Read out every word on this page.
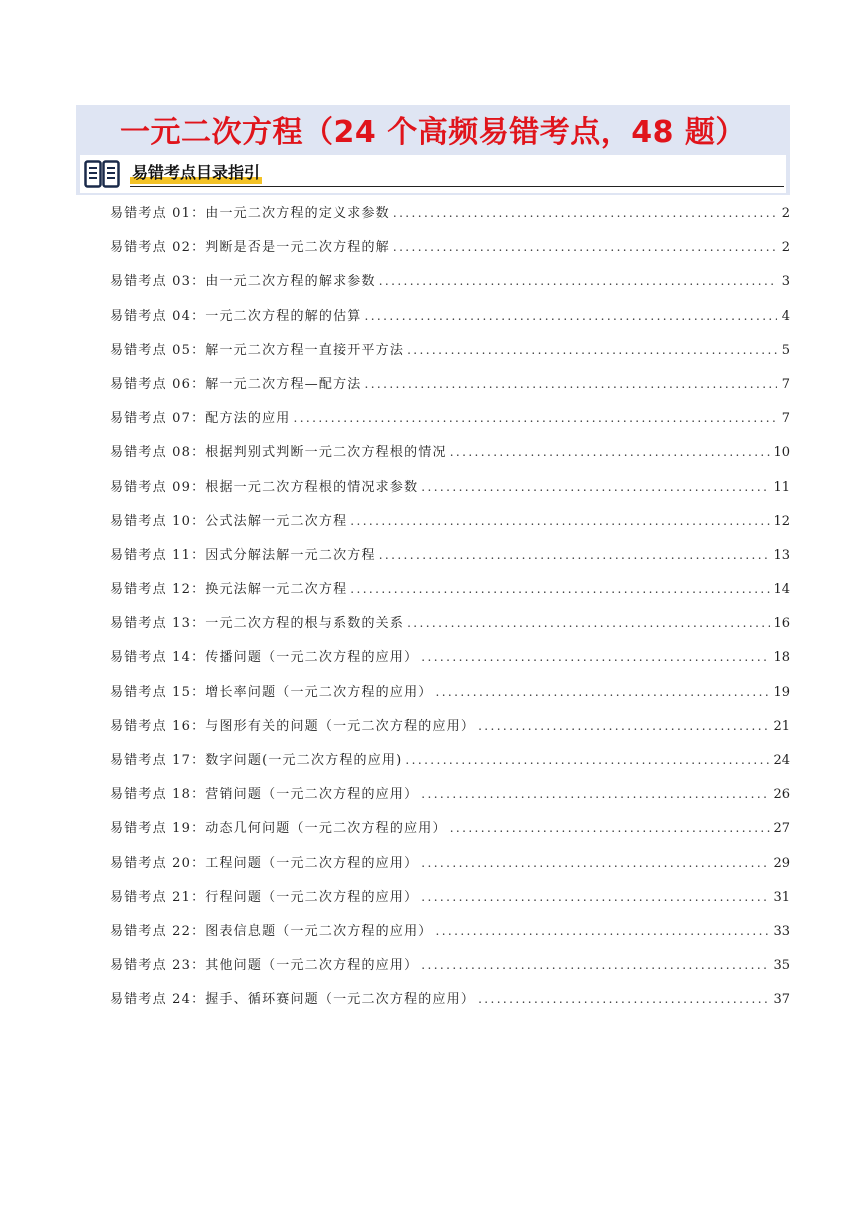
一元二次方程（24 个高频易错考点，48 题）
易错考点目录指引
易错考点 01：由一元二次方程的定义求参数 .....	2
易错考点 02：判断是否是一元二次方程的解 .....	2
易错考点 03：由一元二次方程的解求参数 .....	3
易错考点 04：一元二次方程的解的估算 .....	4
易错考点 05：解一元二次方程一直接开平方法 .....	5
易错考点 06：解一元二次方程—配方法 .....	7
易错考点 07：配方法的应用 .....	7
易错考点 08：根据判别式判断一元二次方程根的情况 .....	10
易错考点 09：根据一元二次方程根的情况求参数 .....	11
易错考点 10：公式法解一元二次方程 .....	12
易错考点 11：因式分解法解一元二次方程 .....	13
易错考点 12：换元法解一元二次方程 .....	14
易错考点 13：一元二次方程的根与系数的关系 .....	16
易错考点 14：传播问题（一元二次方程的应用） .....	18
易错考点 15：增长率问题（一元二次方程的应用） .....	19
易错考点 16：与图形有关的问题（一元二次方程的应用） .....	21
易错考点 17：数字问题(一元二次方程的应用) .....	24
易错考点 18：营销问题（一元二次方程的应用） .....	26
易错考点 19：动态几何问题（一元二次方程的应用） .....	27
易错考点 20：工程问题（一元二次方程的应用） .....	29
易错考点 21：行程问题（一元二次方程的应用） .....	31
易错考点 22：图表信息题（一元二次方程的应用） .....	33
易错考点 23：其他问题（一元二次方程的应用） .....	35
易错考点 24：握手、循环赛问题（一元二次方程的应用） .....	37
